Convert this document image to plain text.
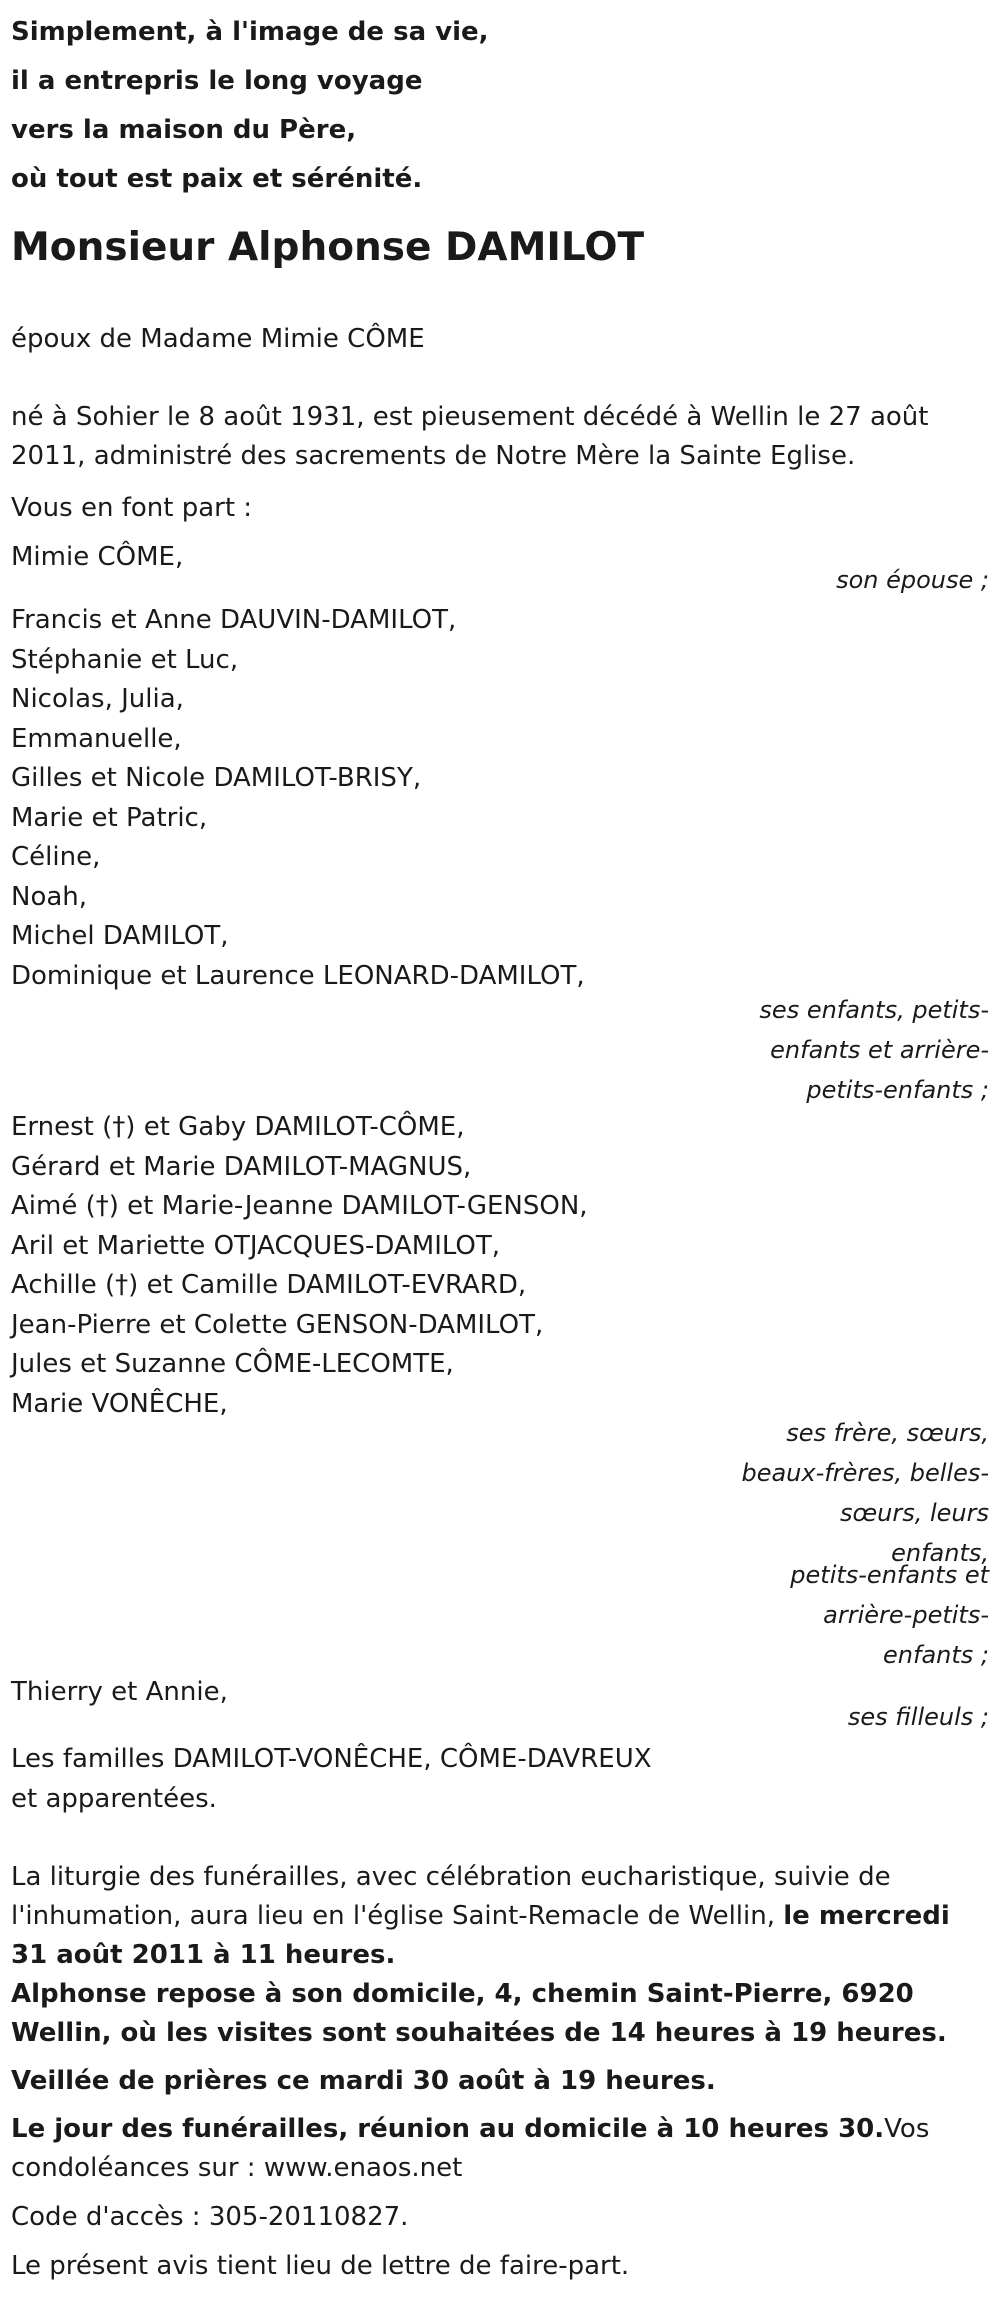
Simplement, à l'image de sa vie,
il a entrepris le long voyage
vers la maison du Père,
où tout est paix et sérénité.
Monsieur Alphonse DAMILOT
époux de Madame Mimie CÔME
né à Sohier le 8 août 1931, est pieusement décédé à Wellin le 27 août 2011, administré des sacrements de Notre Mère la Sainte Eglise.
Vous en font part :
Mimie CÔME,
son épouse ;
Francis et Anne DAUVIN-DAMILOT,
Stéphanie et Luc,
Nicolas, Julia,
Emmanuelle,
Gilles et Nicole DAMILOT-BRISY,
Marie et Patric,
Céline,
Noah,
Michel DAMILOT,
Dominique et Laurence LEONARD-DAMILOT,
ses enfants, petits-
enfants et arrière-
petits-enfants ;
Ernest (†) et Gaby DAMILOT-CÔME,
Gérard et Marie DAMILOT-MAGNUS,
Aimé (†) et Marie-Jeanne DAMILOT-GENSON,
Aril et Mariette OTJACQUES-DAMILOT,
Achille (†) et Camille DAMILOT-EVRARD,
Jean-Pierre et Colette GENSON-DAMILOT,
Jules et Suzanne CÔME-LECOMTE,
Marie VONÊCHE,
ses frère, sœurs,
beaux-frères, belles-
sœurs, leurs
enfants,
petits-enfants et
arrière-petits-
enfants ;
Thierry et Annie,
ses filleuls ;
Les familles DAMILOT-VONÊCHE, CÔME-DAVREUX
et apparentées.
La liturgie des funérailles, avec célébration eucharistique, suivie de l'inhumation, aura lieu en l'église Saint-Remacle de Wellin, le mercredi 31 août 2011 à 11 heures.
Alphonse repose à son domicile, 4, chemin Saint-Pierre, 6920 Wellin, où les visites sont souhaitées de 14 heures à 19 heures.
Veillée de prières ce mardi 30 août à 19 heures.
Le jour des funérailles, réunion au domicile à 10 heures 30.Vos condoléances sur : www.enaos.net
Code d'accès : 305-20110827.
Le présent avis tient lieu de lettre de faire-part.
